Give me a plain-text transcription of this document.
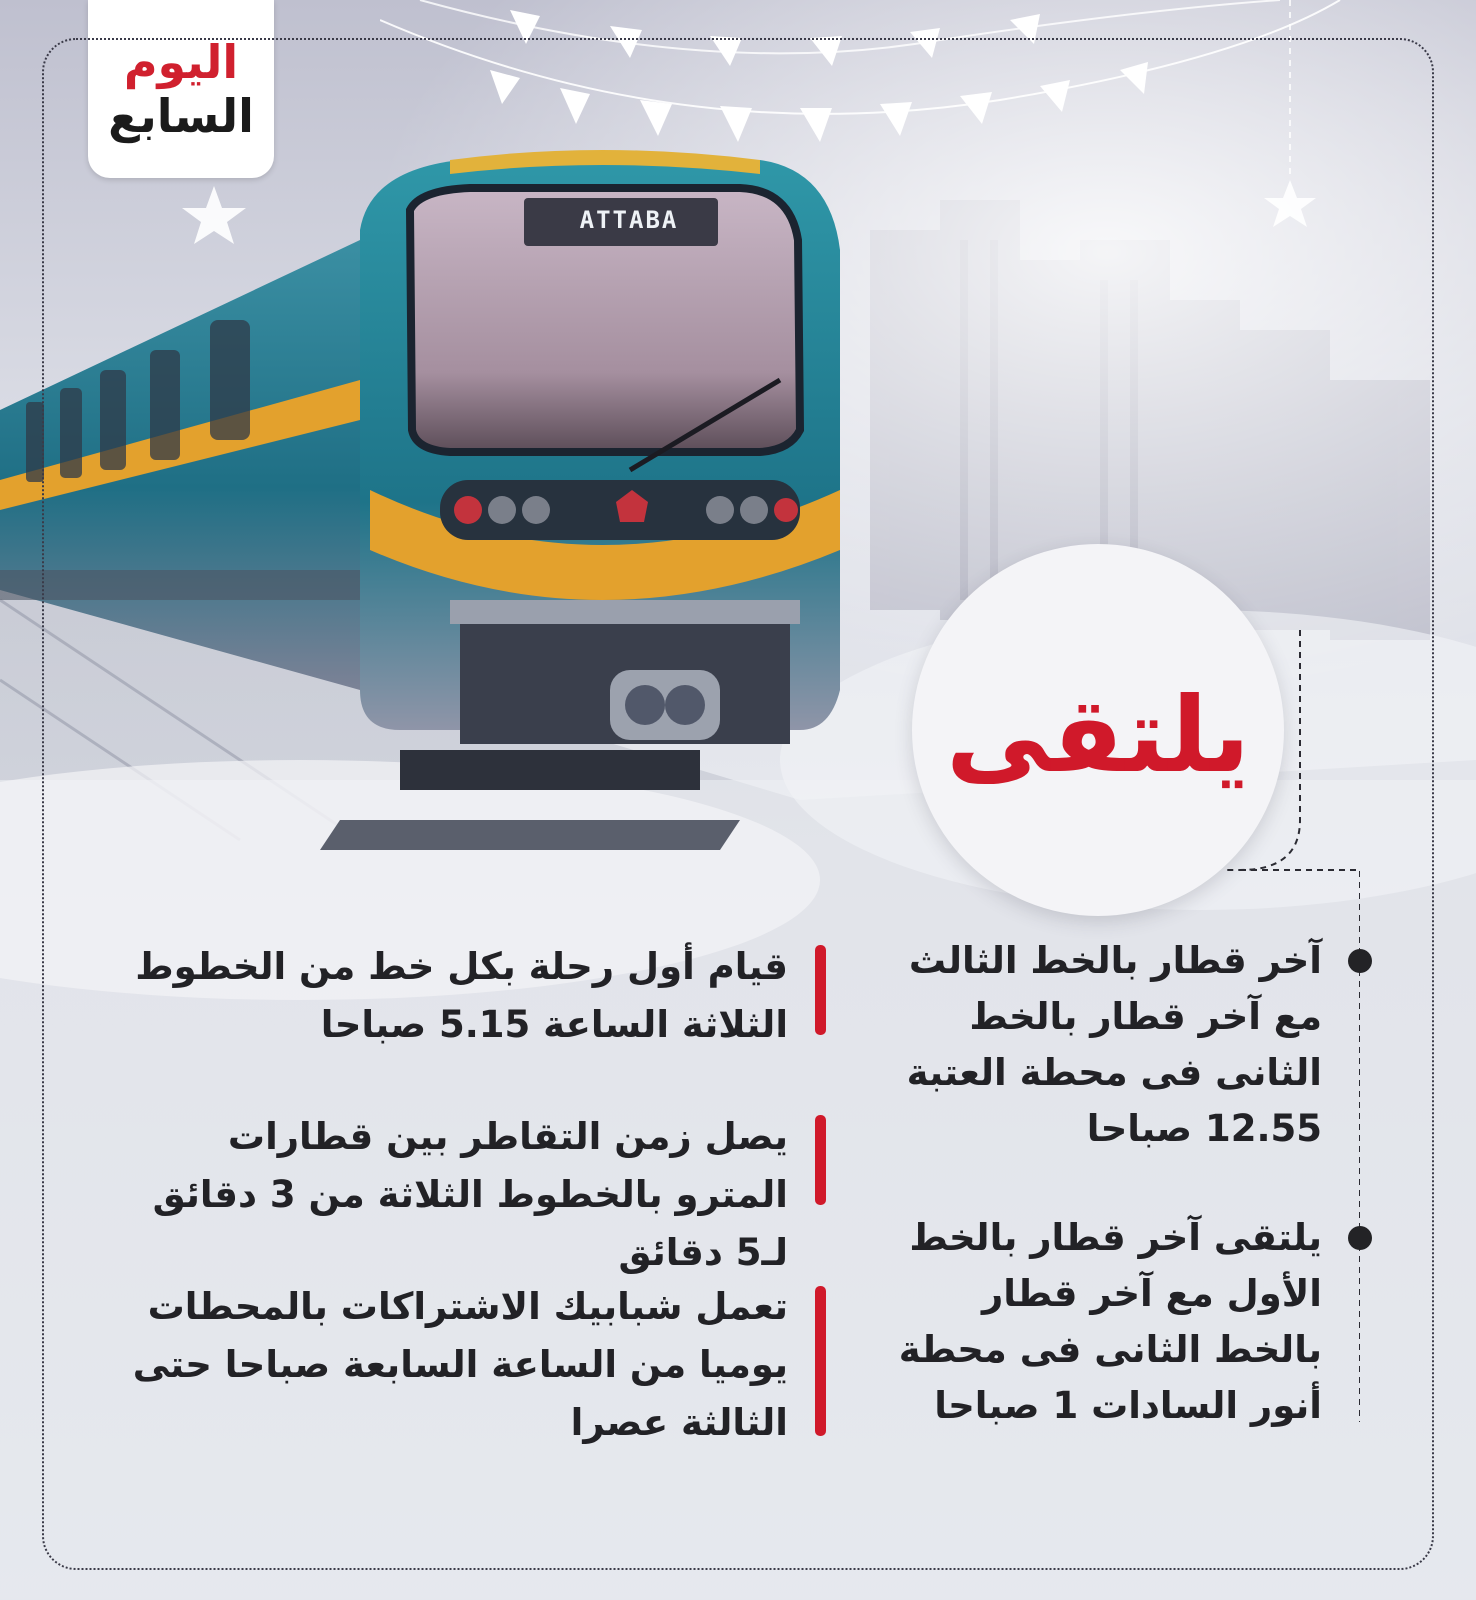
ATTABA
اليوم
السابع
يلتقى
آخر قطار بالخط الثالث مع آخر قطار بالخط الثانى فى محطة العتبة 12.55 صباحا
يلتقى آخر قطار بالخط الأول مع آخر قطار بالخط الثانى فى محطة أنور السادات 1 صباحا
قيام أول رحلة بكل خط من الخطوط الثلاثة الساعة 5.15 صباحا
يصل زمن التقاطر بين قطارات المترو بالخطوط الثلاثة من 3 دقائق لـ5 دقائق
تعمل شبابيك الاشتراكات بالمحطات يوميا من الساعة السابعة صباحا حتى الثالثة عصرا
